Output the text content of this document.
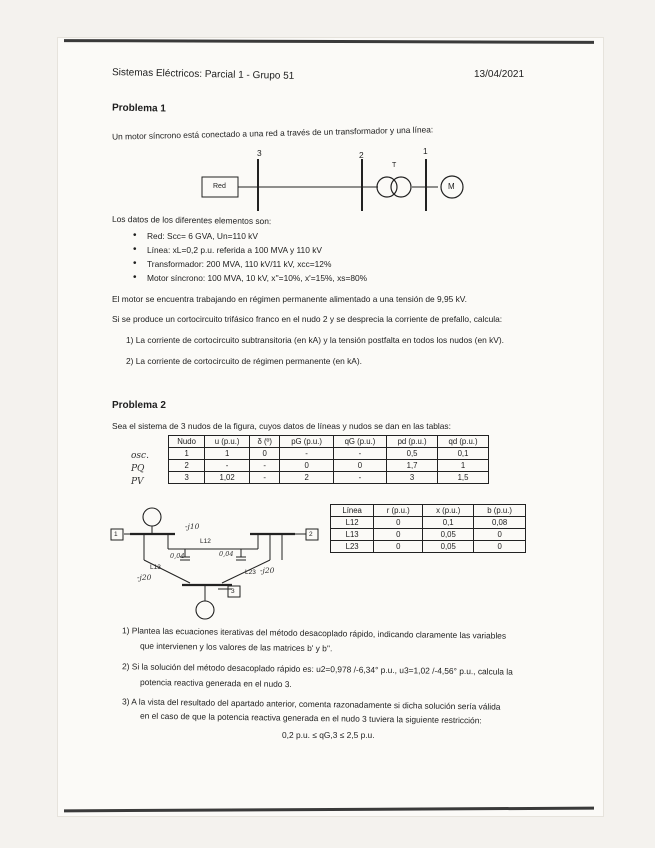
Sistemas Eléctricos: Parcial 1 - Grupo 51	13/04/2021
Problema 1
Un motor síncrono está conectado a una red a través de un transformador y una línea:
3	2	1
Red
T
M
Los datos de los diferentes elementos son:
• Red: Scc= 6 GVA, Un=110 kV
• Línea: xL=0,2 p.u. referida a 100 MVA y 110 kV
• Transformador: 200 MVA, 110 kV/11 kV, xcc=12%
• Motor síncrono: 100 MVA, 10 kV, x''=10%, x'=15%, xs=80%
El motor se encuentra trabajando en régimen permanente alimentado a una tensión de 9,95 kV.
Si se produce un cortocircuito trifásico franco en el nudo 2 y se desprecia la corriente de prefallo, calcula:
1) La corriente de cortocircuito subtransitoria (en kA) y la tensión postfalta en todos los nudos (en kV).
2) La corriente de cortocircuito de régimen permanente (en kA).
Problema 2
Sea el sistema de 3 nudos de la figura, cuyos datos de líneas y nudos se dan en las tablas:
Nudo	u (p.u.)	δ (º)	pG (p.u.)	qG (p.u.)	pd (p.u.)	qd (p.u.)
1	1	0	-	-	0,5	0,1
2	-	-	0	0	1,7	1
3	1,02	-	2	-	3	1,5
osc.
PQ
PV
Línea	r (p.u.)	x (p.u.)	b (p.u.)
L12	0	0,1	0,08
L13	0	0,05	0
L23	0	0,05	0
1	2
3
L12
L13
L23
-j10
0,04
-j20
0,04
-j20
1) Plantea las ecuaciones iterativas del método desacoplado rápido, indicando claramente las variables
que intervienen y los valores de las matrices b' y b''.
2) Si la solución del método desacoplado rápido es: u2=0,978 /-6,34° p.u., u3=1,02 /-4,56° p.u., calcula la
potencia reactiva generada en el nudo 3.
3) A la vista del resultado del apartado anterior, comenta razonadamente si dicha solución sería válida
en el caso de que la potencia reactiva generada en el nudo 3 tuviera la siguiente restricción:
0,2 p.u. ≤ qG,3 ≤ 2,5 p.u.
